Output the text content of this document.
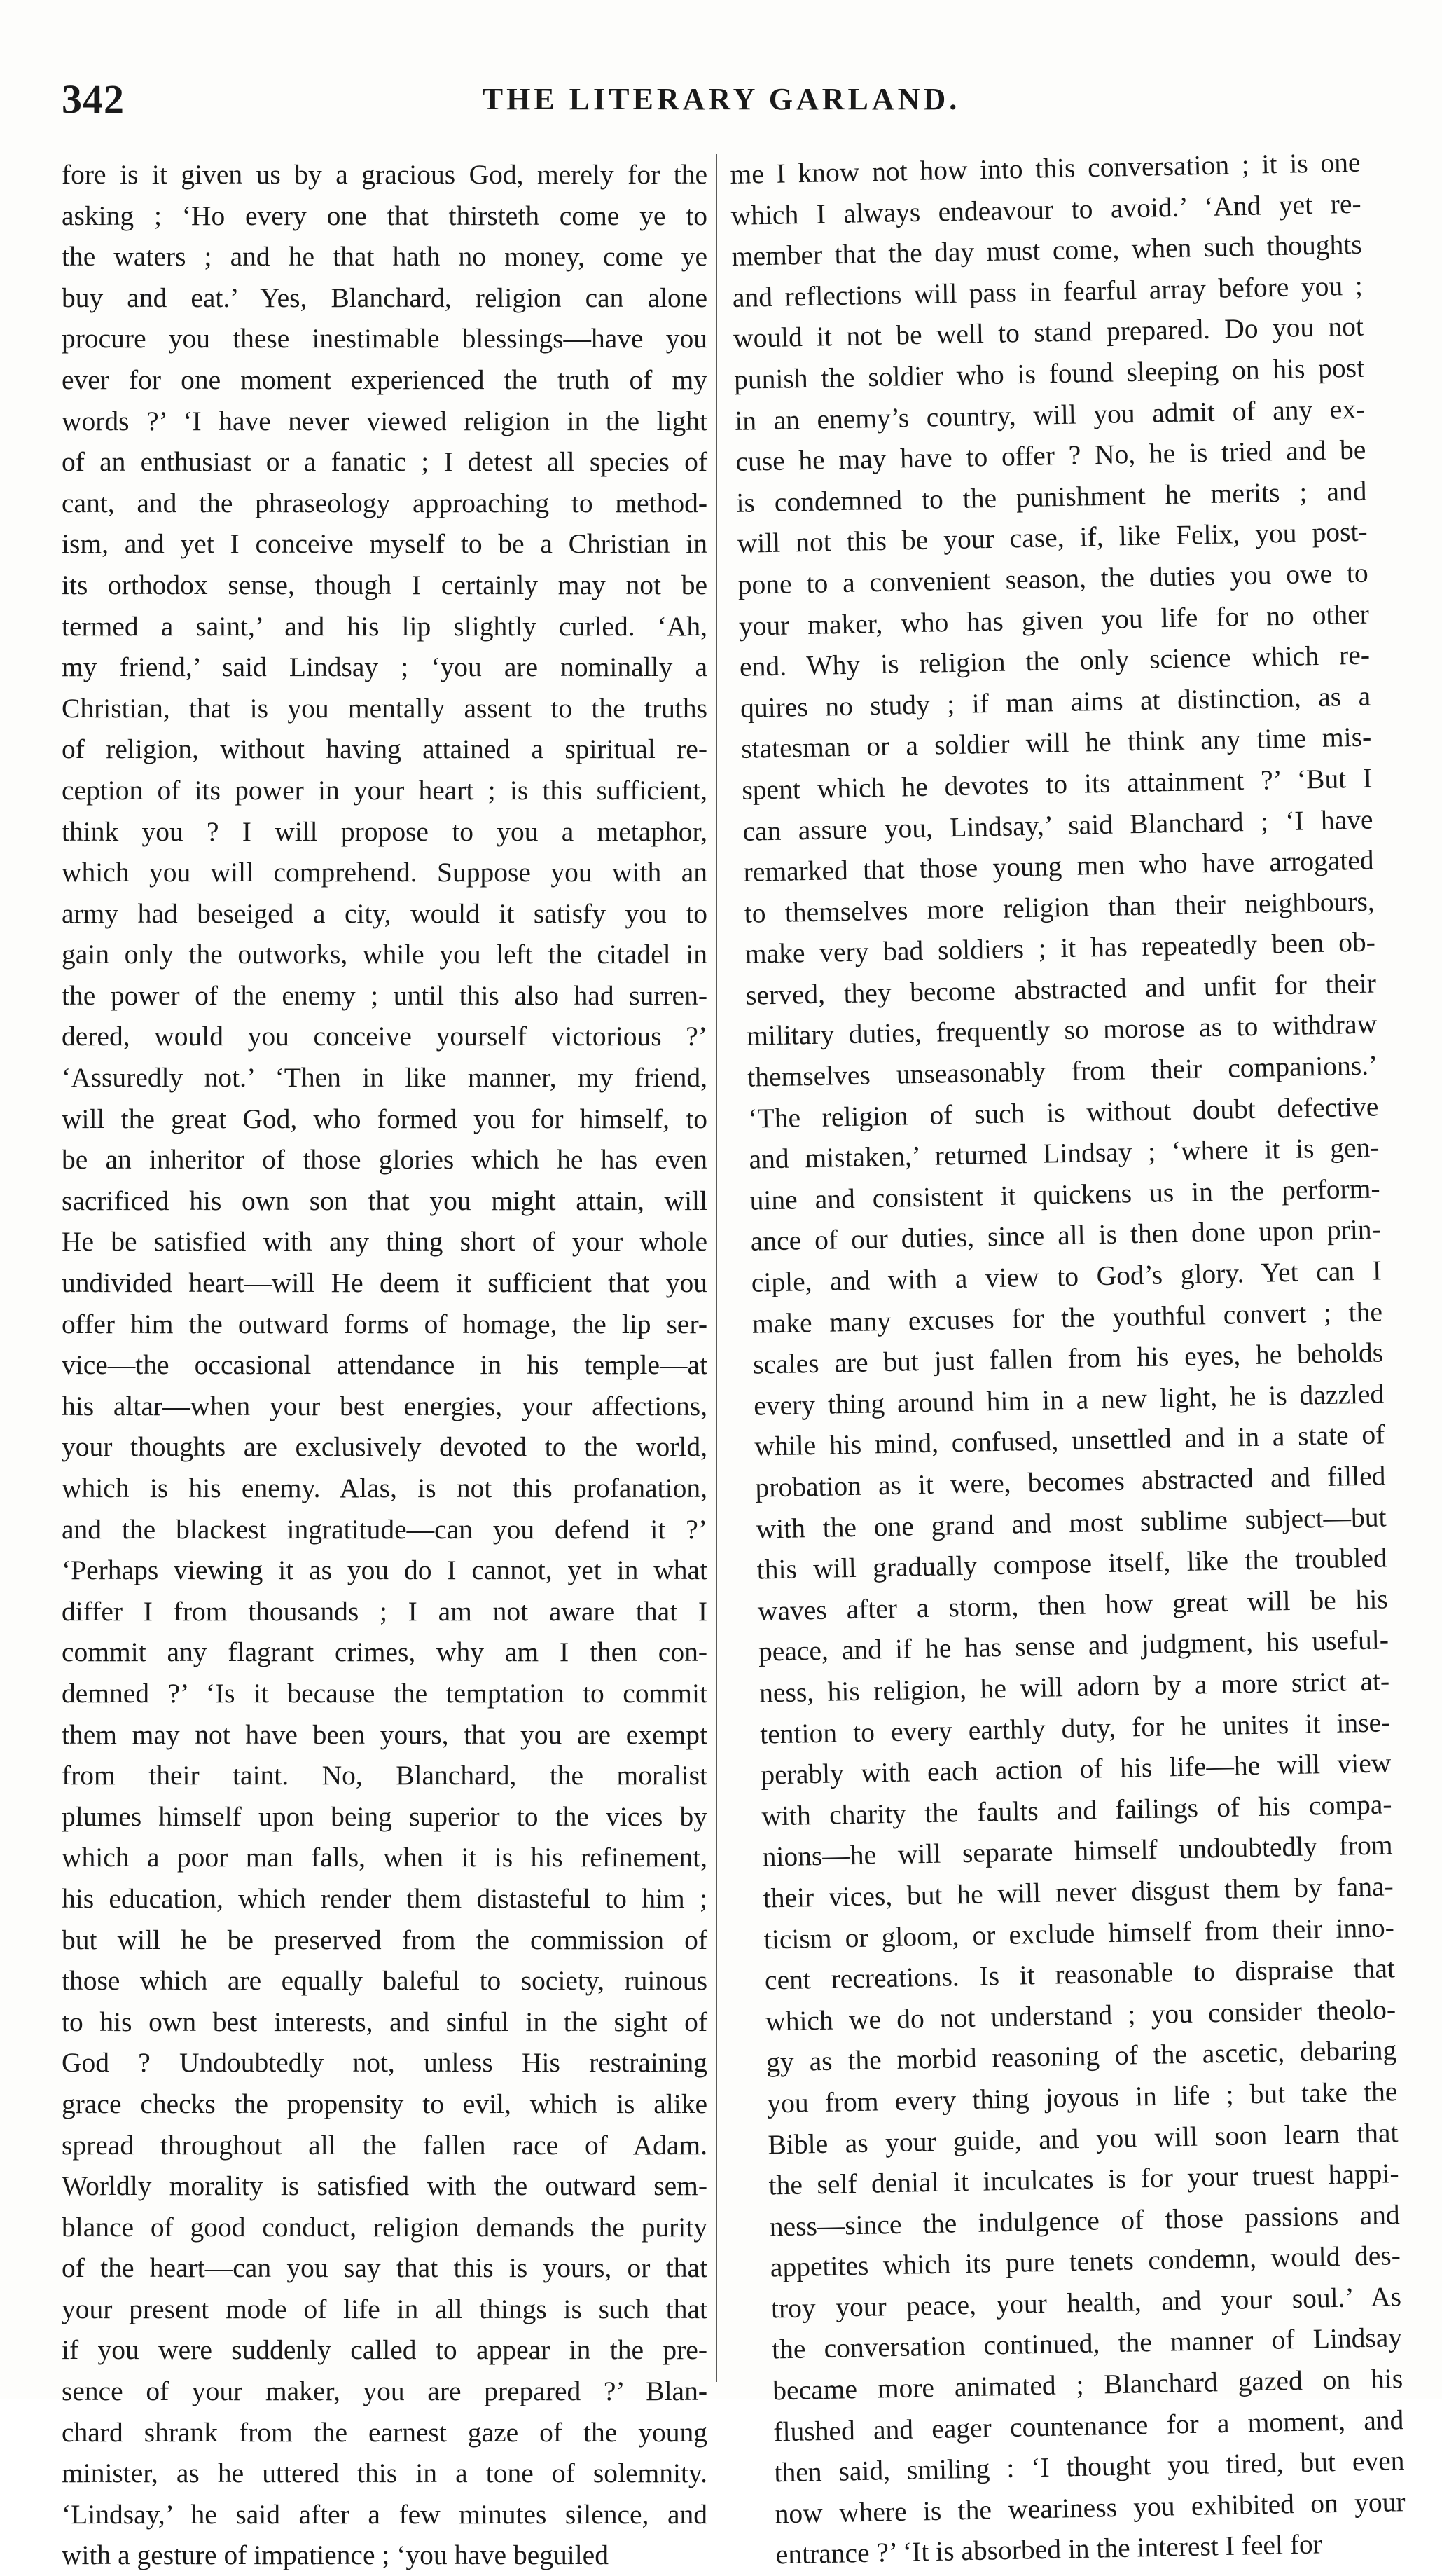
342	THE LITERARY GARLAND.
fore is it given us by a gracious God, merely for the
asking ; ‘Ho every one that thirsteth come ye to
the waters ; and he that hath no money, come ye
buy and eat.’ Yes, Blanchard, religion can alone
procure you these inestimable blessings—have you
ever for one moment experienced the truth of my
words ?’ ‘I have never viewed religion in the light
of an enthusiast or a fanatic ; I detest all species of
cant, and the phraseology approaching to method-
ism, and yet I conceive myself to be a Christian in
its orthodox sense, though I certainly may not be
termed a saint,’ and his lip slightly curled. ‘Ah,
my friend,’ said Lindsay ; ‘you are nominally a
Christian, that is you mentally assent to the truths
of religion, without having attained a spiritual re-
ception of its power in your heart ; is this sufficient,
think you ? I will propose to you a metaphor,
which you will comprehend. Suppose you with an
army had beseiged a city, would it satisfy you to
gain only the outworks, while you left the citadel in
the power of the enemy ; until this also had surren-
dered, would you conceive yourself victorious ?’
‘Assuredly not.’ ‘Then in like manner, my friend,
will the great God, who formed you for himself, to
be an inheritor of those glories which he has even
sacrificed his own son that you might attain, will
He be satisfied with any thing short of your whole
undivided heart—will He deem it sufficient that you
offer him the outward forms of homage, the lip ser-
vice—the occasional attendance in his temple—at
his altar—when your best energies, your affections,
your thoughts are exclusively devoted to the world,
which is his enemy. Alas, is not this profanation,
and the blackest ingratitude—can you defend it ?’
‘Perhaps viewing it as you do I cannot, yet in what
differ I from thousands ; I am not aware that I
commit any flagrant crimes, why am I then con-
demned ?’ ‘Is it because the temptation to commit
them may not have been yours, that you are exempt
from their taint. No, Blanchard, the moralist
plumes himself upon being superior to the vices by
which a poor man falls, when it is his refinement,
his education, which render them distasteful to him ;
but will he be preserved from the commission of
those which are equally baleful to society, ruinous
to his own best interests, and sinful in the sight of
God ? Undoubtedly not, unless His restraining
grace checks the propensity to evil, which is alike
spread throughout all the fallen race of Adam.
Worldly morality is satisfied with the outward sem-
blance of good conduct, religion demands the purity
of the heart—can you say that this is yours, or that
your present mode of life in all things is such that
if you were suddenly called to appear in the pre-
sence of your maker, you are prepared ?’ Blan-
chard shrank from the earnest gaze of the young
minister, as he uttered this in a tone of solemnity.
‘Lindsay,’ he said after a few minutes silence, and
with a gesture of impatience ; ‘you have beguiled
me I know not how into this conversation ; it is one
which I always endeavour to avoid.’ ‘And yet re-
member that the day must come, when such thoughts
and reflections will pass in fearful array before you ;
would it not be well to stand prepared. Do you not
punish the soldier who is found sleeping on his post
in an enemy’s country, will you admit of any ex-
cuse he may have to offer ? No, he is tried and be
is condemned to the punishment he merits ; and
will not this be your case, if, like Felix, you post-
pone to a convenient season, the duties you owe to
your maker, who has given you life for no other
end. Why is religion the only science which re-
quires no study ; if man aims at distinction, as a
statesman or a soldier will he think any time mis-
spent which he devotes to its attainment ?’ ‘But I
can assure you, Lindsay,’ said Blanchard ; ‘I have
remarked that those young men who have arrogated
to themselves more religion than their neighbours,
make very bad soldiers ; it has repeatedly been ob-
served, they become abstracted and unfit for their
military duties, frequently so morose as to withdraw
themselves unseasonably from their companions.’
‘The religion of such is without doubt defective
and mistaken,’ returned Lindsay ; ‘where it is gen-
uine and consistent it quickens us in the perform-
ance of our duties, since all is then done upon prin-
ciple, and with a view to God’s glory. Yet can I
make many excuses for the youthful convert ; the
scales are but just fallen from his eyes, he beholds
every thing around him in a new light, he is dazzled
while his mind, confused, unsettled and in a state of
probation as it were, becomes abstracted and filled
with the one grand and most sublime subject—but
this will gradually compose itself, like the troubled
waves after a storm, then how great will be his
peace, and if he has sense and judgment, his useful-
ness, his religion, he will adorn by a more strict at-
tention to every earthly duty, for he unites it inse-
perably with each action of his life—he will view
with charity the faults and failings of his compa-
nions—he will separate himself undoubtedly from
their vices, but he will never disgust them by fana-
ticism or gloom, or exclude himself from their inno-
cent recreations. Is it reasonable to dispraise that
which we do not understand ; you consider theolo-
gy as the morbid reasoning of the ascetic, debaring
you from every thing joyous in life ; but take the
Bible as your guide, and you will soon learn that
the self denial it inculcates is for your truest happi-
ness—since the indulgence of those passions and
appetites which its pure tenets condemn, would des-
troy your peace, your health, and your soul.’ As
the conversation continued, the manner of Lindsay
became more animated ; Blanchard gazed on his
flushed and eager countenance for a moment, and
then said, smiling : ‘I thought you tired, but even
now where is the weariness you exhibited on your
entrance ?’ ‘It is absorbed in the interest I feel for
